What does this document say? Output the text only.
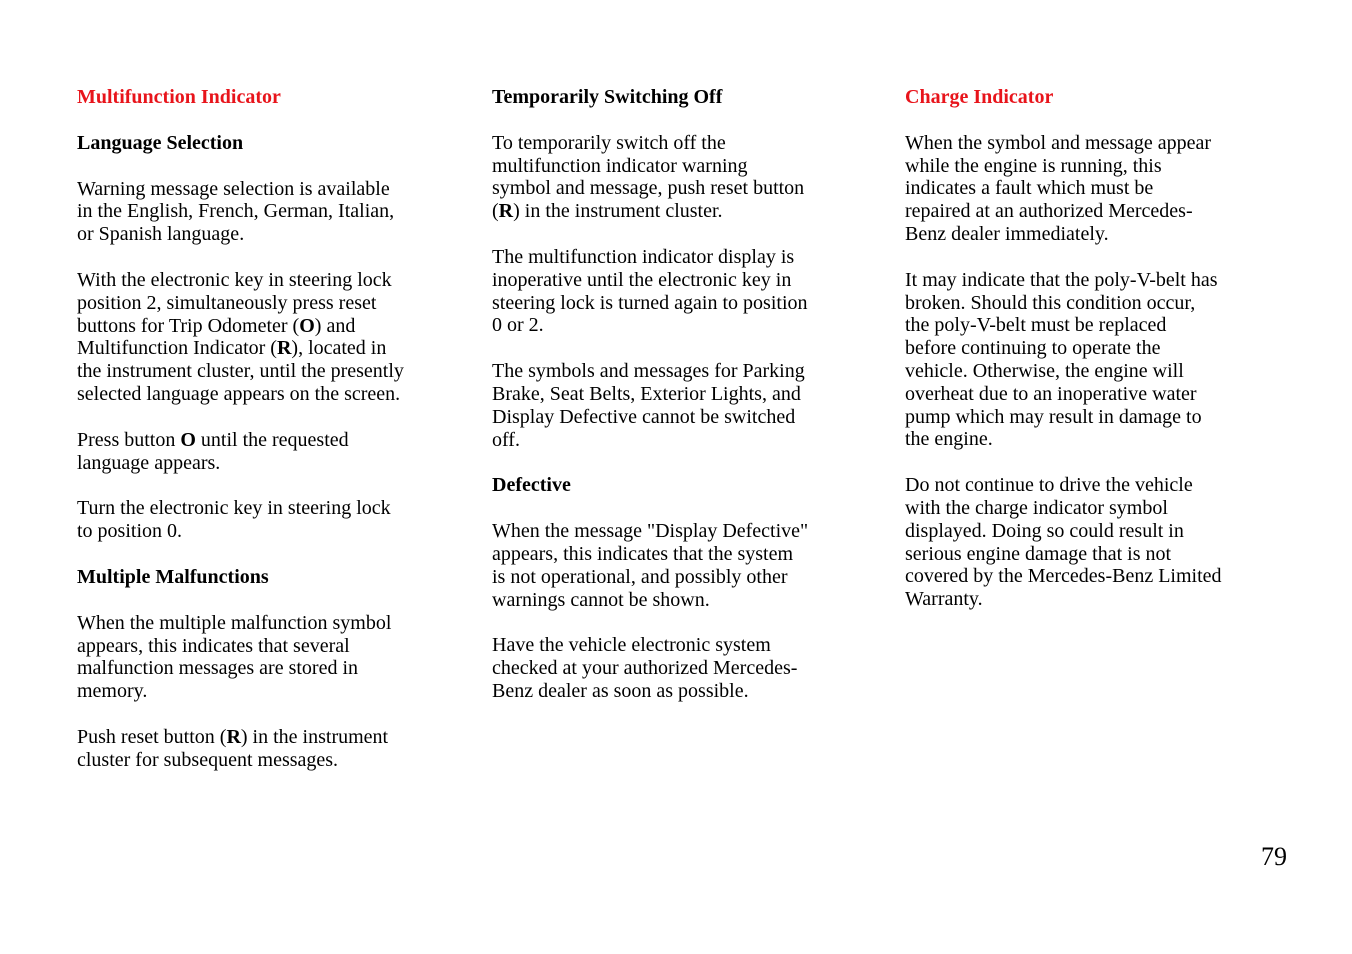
Multifunction Indicator
Language Selection

Warning message selection is available
in the English, French, German, Italian,
or Spanish language.

With the electronic key in steering lock
position 2, simultaneously press reset
buttons for Trip Odometer (O) and
Multifunction Indicator (R), located in
the instrument cluster, until the presently
selected language appears on the screen.

Press button O until the requested
language appears.

Turn the electronic key in steering lock
to position 0.

Multiple Malfunctions

When the multiple malfunction symbol
appears, this indicates that several
malfunction messages are stored in
memory.

Push reset button (R) in the instrument
cluster for subsequent messages.

Temporarily Switching Off

To temporarily switch off the
multifunction indicator warning
symbol and message, push reset button
(R) in the instrument cluster.

The multifunction indicator display is
inoperative until the electronic key in
steering lock is turned again to position
0 or 2.

The symbols and messages for Parking
Brake, Seat Belts, Exterior Lights, and
Display Defective cannot be switched
off.

Defective

When the message "Display Defective"
appears, this indicates that the system
is not operational, and possibly other
warnings cannot be shown.

Have the vehicle electronic system
checked at your authorized Mercedes-
Benz dealer as soon as possible.

Charge Indicator

When the symbol and message appear
while the engine is running, this
indicates a fault which must be
repaired at an authorized Mercedes-
Benz dealer immediately.

It may indicate that the poly-V-belt has
broken. Should this condition occur,
the poly-V-belt must be replaced
before continuing to operate the
vehicle. Otherwise, the engine will
overheat due to an inoperative water
pump which may result in damage to
the engine.

Do not continue to drive the vehicle
with the charge indicator symbol
displayed. Doing so could result in
serious engine damage that is not
covered by the Mercedes-Benz Limited
Warranty.

79
